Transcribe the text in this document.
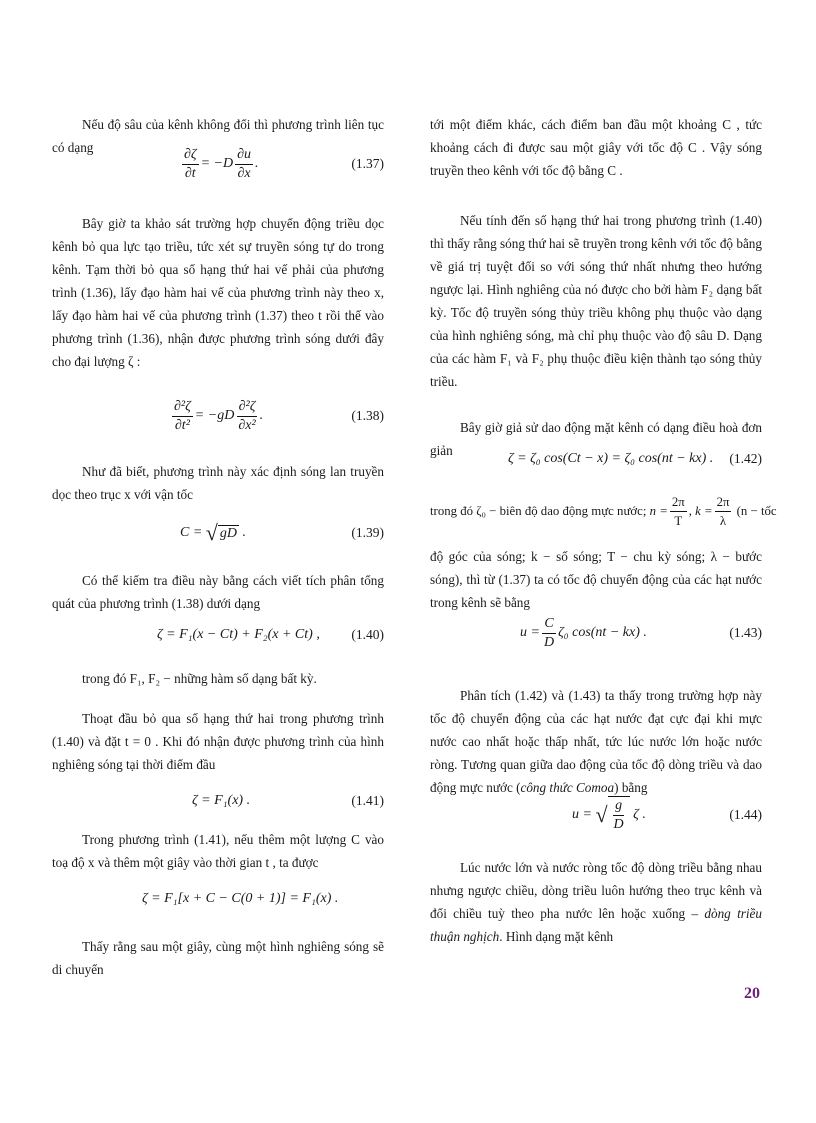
Nếu độ sâu của kênh không đổi thì phương trình liên tục có dạng	$\frac{\partial\zeta}{\partial t} = -D \frac{\partial u}{\partial x}$ .	(1.37)
Bây giờ ta khảo sát trường hợp chuyển động triều dọc kênh bỏ qua lực tạo triều, tức xét sự truyền sóng tự do trong kênh. Tạm thời bỏ qua số hạng thứ hai vế phải của phương trình (1.36), lấy đạo hàm hai vế của phương trình này theo x, lấy đạo hàm hai vế của phương trình (1.37) theo t rồi thế vào phương trình (1.36), nhận được phương trình sóng dưới đây cho đại lượng ζ :
$\frac{\text{∂²ζ}}{\text{∂t²}} = -gD \frac{\text{∂²ζ}}{\text{∂x²}}$ .	(1.38)
Như đã biết, phương trình này xác định sóng lan truyền dọc theo trục x với vận tốc
C =
√ gD
.	(1.39)
Có thể kiểm tra điều này bằng cách viết tích phân tổng quát của phương trình (1.38) dưới dạng
ζ = F₁(x − Ct) + F₂(x + Ct) , (1.40)
trong đó F₁, F₂ − những hàm số dạng bất kỳ.
Thoạt đầu bỏ qua số hạng thứ hai trong phương trình (1.40) và đặt t = 0 . Khi đó nhận được phương trình của hình nghiêng sóng tại thời điểm đầu
ζ = F₁(x) .	(1.41)
Trong phương trình (1.41), nếu thêm một lượng C vào toạ độ x và thêm một giây vào thời gian t , ta được
ζ = F₁[x + C − C(0 + 1)] = F₁(x) .
Thấy rằng sau một giây, cùng một hình nghiêng sóng sẽ di chuyển
tới một điểm khác, cách điểm ban đầu một khoảng C , tức khoảng cách đi được sau một giây với tốc độ C . Vậy sóng truyền theo kênh với tốc độ bằng C .
Nếu tính đến số hạng thứ hai trong phương trình (1.40) thì thấy rằng sóng thứ hai sẽ truyền trong kênh với tốc độ bằng về giá trị tuyệt đối so với sóng thứ nhất nhưng theo hướng ngược lại. Hình nghiêng của nó được cho bởi hàm F₂ dạng bất kỳ. Tốc độ truyền sóng thủy triều không phụ thuộc vào dạng của hình nghiêng sóng, mà chỉ phụ thuộc vào độ sâu D. Dạng của các hàm F₁ và F₂ phụ thuộc điều kiện thành tạo sóng thủy triều.
Bây giờ giả sử dao động mặt kênh có dạng điều hoà đơn giản
ζ = ζ₀ cos(Ct − x) = ζ₀ cos(nt − kx) . (1.42)
trong đó ζ₀ − biên độ dao động mực nước;
$n = \frac{2\pi}{T}$ , $k = \frac{2\pi}{\lambda}$
(n − tốc
độ góc của sóng; k − số sóng; T − chu kỳ sóng; λ − bước sóng), thì từ (1.37) ta có tốc độ chuyển động của các hạt nước trong kênh sẽ bằng
$u = \frac{C}{D} \zeta_0$ cos(nt − kx) .	(1.43)
Phân tích (1.42) và (1.43) ta thấy trong trường hợp này tốc độ chuyển động của các hạt nước đạt cực đại khi mực nước cao nhất hoặc thấp nhất, tức lúc nước lớn hoặc nước ròng. Tương quan giữa dao động của tốc độ dòng triều và dao động mực nước (công thức Comoa) bằng
u =
√ $\frac{g}{D}$
ζ .	(1.44)
Lúc nước lớn và nước ròng tốc độ dòng triều bằng nhau nhưng ngược chiều, dòng triều luôn hướng theo trục kênh và đổi chiều tuỳ theo pha nước lên hoặc xuống – dòng triều thuận nghịch. Hình dạng mặt kênh
20
